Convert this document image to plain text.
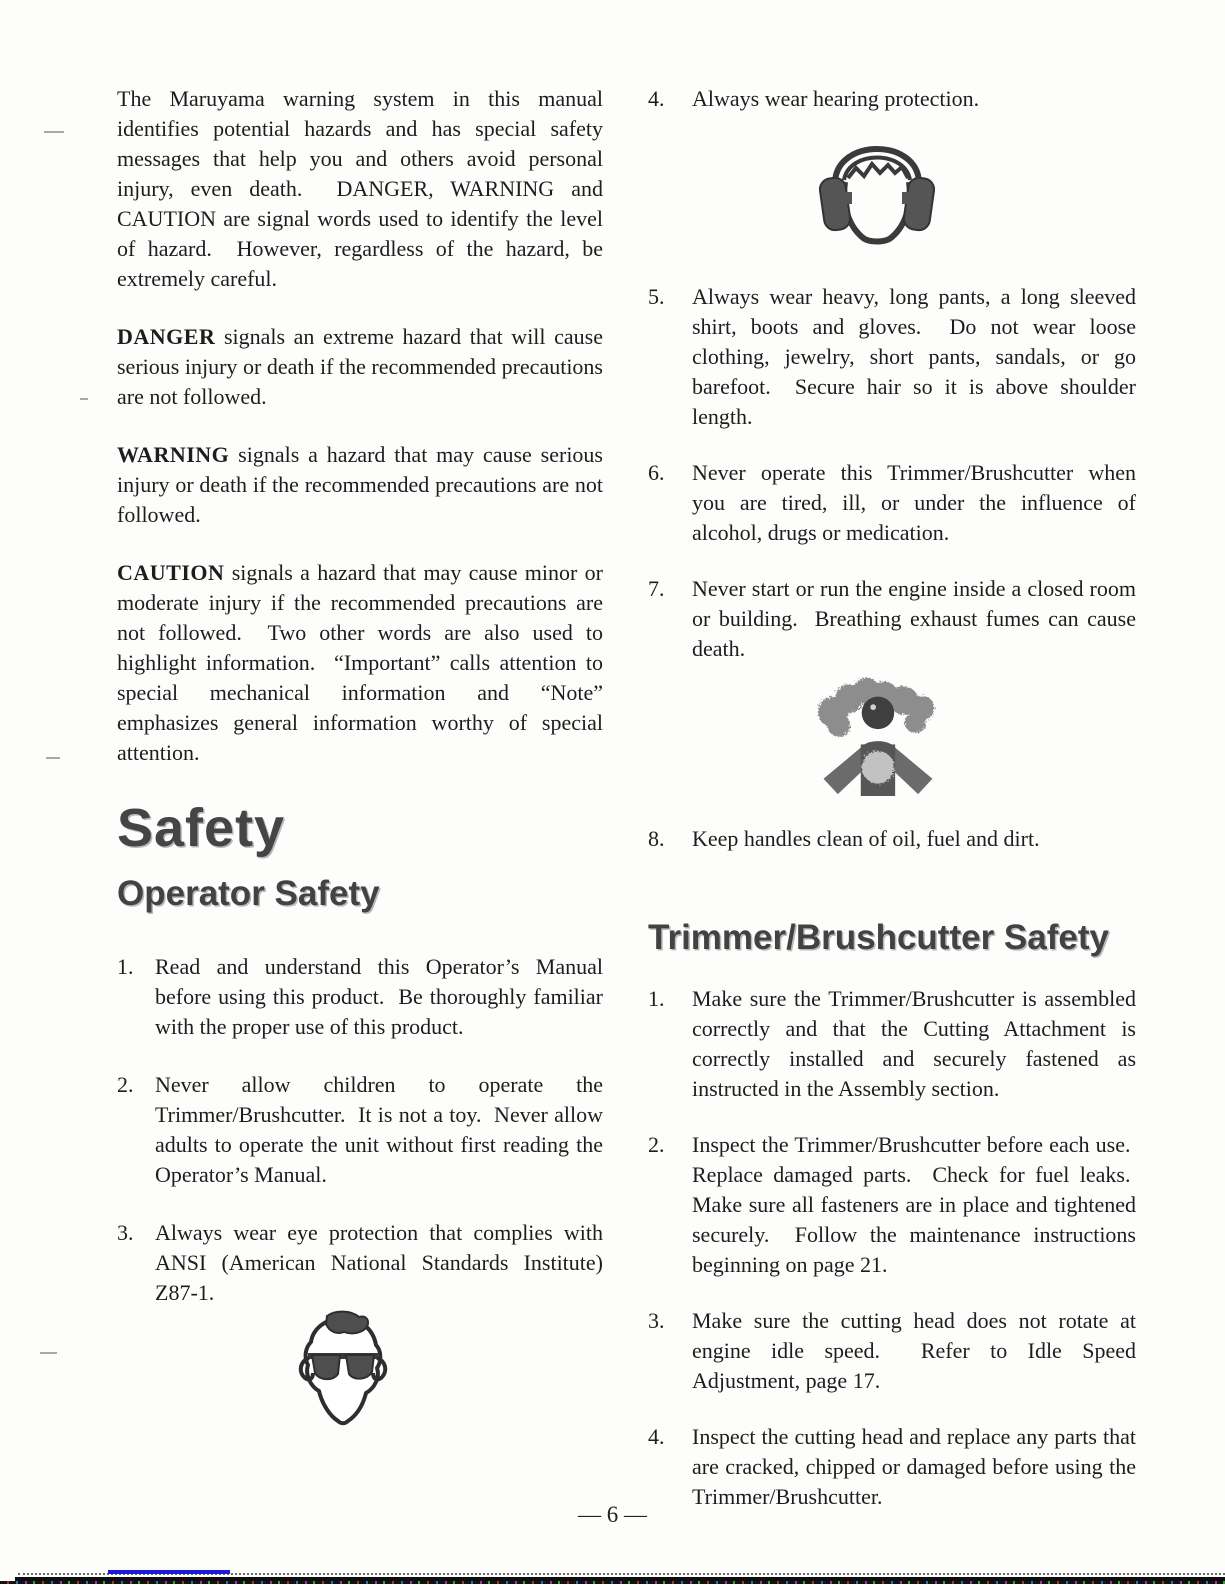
The Maruyama warning system in this manual identifies potential hazards and has special safety messages that help you and others avoid personal injury, even death.  DANGER, WARNING and CAUTION are signal words used to identify the level of hazard.  However, regardless of the hazard, be extremely careful.

DANGER signals an extreme hazard that will cause serious injury or death if the recommended precautions are not followed.

WARNING signals a hazard that may cause serious injury or death if the recommended precautions are not followed.

CAUTION signals a hazard that may cause minor or moderate injury if the recommended precautions are not followed.  Two other words are also used to highlight information.  “Important” calls attention to special mechanical information and “Note” emphasizes general information worthy of special attention.

Safety
Operator Safety
1. Read and understand this Operator’s Manual before using this product.  Be thoroughly familiar with the proper use of this product.
2. Never allow children to operate the Trimmer/Brushcutter.  It is not a toy.  Never allow adults to operate the unit without first reading the Operator’s Manual.
3. Always wear eye protection that complies with ANSI (American National Standards Institute) Z87-1.
4.	Always wear hearing protection.
5.	Always wear heavy, long pants, a long sleeved shirt, boots and gloves.  Do not wear loose clothing, jewelry, short pants, sandals, or go barefoot.  Secure hair so it is above shoulder length.
6.	Never operate this Trimmer/Brushcutter when you are tired, ill, or under the influence of alcohol, drugs or medication.
7.	Never start or run the engine inside a closed room or building.  Breathing exhaust fumes can cause death.
8.	Keep handles clean of oil, fuel and dirt.
Trimmer/Brushcutter Safety
1.	Make sure the Trimmer/Brushcutter is assembled correctly and that the Cutting Attachment is correctly installed and securely fastened as instructed in the Assembly section.
2.	Inspect the Trimmer/Brushcutter before each use.  Replace damaged parts.  Check for fuel leaks.  Make sure all fasteners are in place and tightened securely.  Follow the maintenance instructions beginning on page 21.
3.	Make sure the cutting head does not rotate at engine idle speed.  Refer to Idle Speed Adjustment, page 17.
4.	Inspect the cutting head and replace any parts that are cracked, chipped or damaged before using the Trimmer/Brushcutter.
— 6 —
